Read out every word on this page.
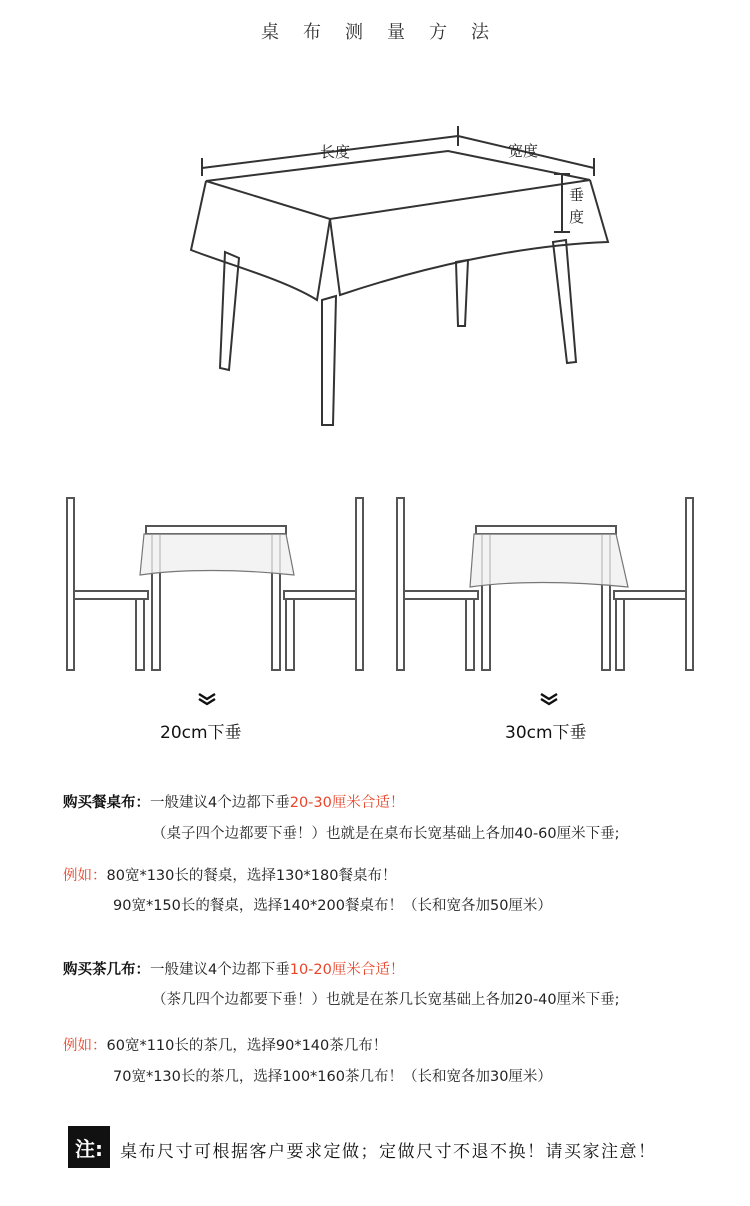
桌布测量方法
长度	宽度
垂
度
20cm下垂	30cm下垂
购买餐桌布：一般建议4个边都下垂20-30厘米合适！
（桌子四个边都要下垂！）也就是在桌布长宽基础上各加40-60厘米下垂;
例如：80宽*130长的餐桌，选择130*180餐桌布！
90宽*150长的餐桌，选择140*200餐桌布！（长和宽各加50厘米）
购买茶几布：一般建议4个边都下垂10-20厘米合适！
（茶几四个边都要下垂！）也就是在茶几长宽基础上各加20-40厘米下垂;
例如：60宽*110长的茶几，选择90*140茶几布！
70宽*130长的茶几，选择100*160茶几布！（长和宽各加30厘米）
注:	桌布尺寸可根据客户要求定做；定做尺寸不退不换！请买家注意！
